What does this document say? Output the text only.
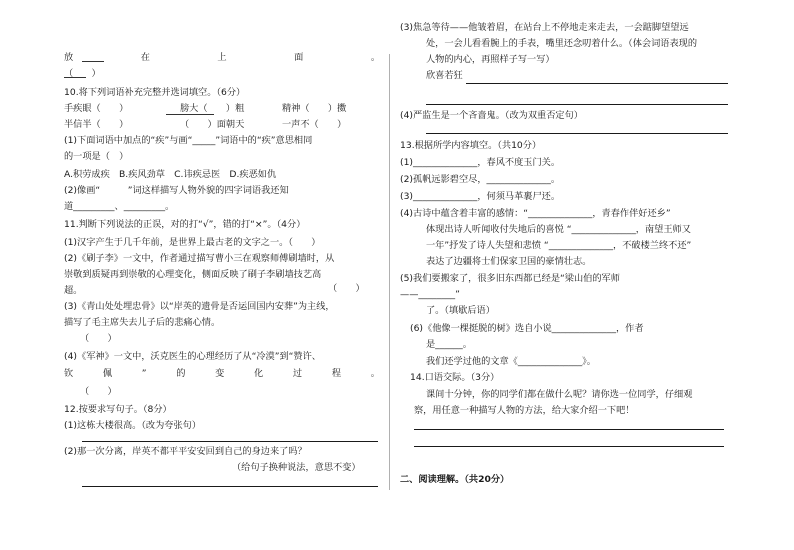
放	在	上	面	。
（　　）
10.将下列词语补充完整并选词填空。（6分）
手疾眼（　　）	膀大（　　）粗	精神（　　）擞
半信半（　　）	（　　）面朝天	一声不（　　）
(1)下面词语中加点的“疾”与画“_____”词语中的“疾”意思相同
的一项是（　）
A.积劳成疾　B.疾风劲草　C.讳疾忌医　D.疾恶如仇
(2)像画“　　　”词这样描写人物外貌的四字词语我还知
道_________、_________。
11.判断下列说法的正误，对的打“√”，错的打“×”。（4分）
(1)汉字产生于几千年前，是世界上最古老的文字之一。（　　）
(2)《刷子李》一文中，作者通过描写曹小三在观察师傅刷墙时，从
崇敬到质疑再到崇敬的心理变化，侧面反映了刷子李刷墙技艺高
超。	（　　）
(3)《青山处处埋忠骨》以“岸英的遗骨是否运回国内安葬”为主线，
描写了毛主席失去儿子后的悲痛心情。
（　　）
(4)《军神》一文中，沃克医生的心理经历了从“冷漠”到“赞许、
钦	佩	”	的	变	化	过	程	。
（　　）
12.按要求写句子。（8分）
(1)这栋大楼很高。（改为夸张句）
(2)那一次分离，岸英不都平平安安回到自己的身边来了吗？
（给句子换种说法，意思不变）
(3)焦急等待——他皱着眉，在站台上不停地走来走去，一会踮脚望望远
处，一会儿看看腕上的手表，嘴里还念叨着什么。（体会词语表现的
人物的内心，再照样子写一写）
欣喜若狂
(4)严监生是一个吝啬鬼。（改为双重否定句）
13.根据所学内容填空。（共10分）
(1)______________，春风不度玉门关。
(2)孤帆远影碧空尽，______________。
(3)______________，何须马革裹尸还。
(4)古诗中蕴含着丰富的感情：“______________，青春作伴好还乡”
体现出诗人听闻收付失地后的喜悦 “______________，南望王师又
一年”抒发了诗人失望和悲愤 “______________，不破楼兰终不还”
表达了边疆将士们保家卫国的豪情壮志。
(5)我们要搬家了，很多旧东西都已经是“梁山伯的军师
——________”
了。（填歇后语）
(6)《他像一棵挺脱的树》选自小说______________，作者
是______。
我们还学过他的文章《______________》。
14.口语交际。（3分）
课间十分钟，你的同学们都在做什么呢？请你选一位同学，仔细观
察，用任意一种描写人物的方法，给大家介绍一下吧！
二、阅读理解。（共20分）
